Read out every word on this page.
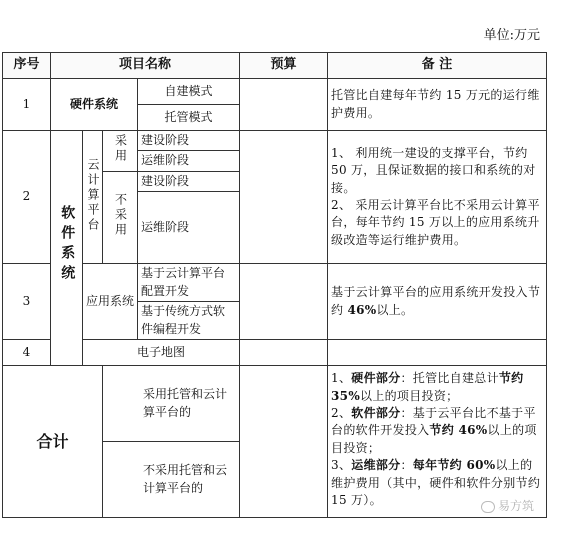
单位:万元
序号	项目名称				预算	备 注
1	硬件系统			自建模式		托管比自建每年节约 15 万元的运行维护费用。
				托管模式		
2	软件系统	云计算平台	采用	建设阶段		1、 利用统一建设的支撑平台，节约 50 万，且保证数据的接口和系统的对接。
2、 采用云计算平台比不采用云计算平台，每年节约 15 万以上的应用系统升级改造等运行维护费用。

				运维阶段		
			不采用	建设阶段		
				运维阶段		
3		应用系统		基于云计算平台配置开发		基于云计算平台的应用系统开发投入节约 46%以上。
				基于传统方式软件编程开发		
4		电子地图				
合计			采用托管和云计算平台的			1、硬件部分：托管比自建总计节约 35%以上的项目投资；
2、软件部分：基于云平台比不基于平台的软件开发投入节约 46%以上的项目投资；
3、运维部分：每年节约 60%以上的维护费用（其中，硬件和软件分别节约 15 万）。

			不采用托管和云计算平台的			
易方筑
